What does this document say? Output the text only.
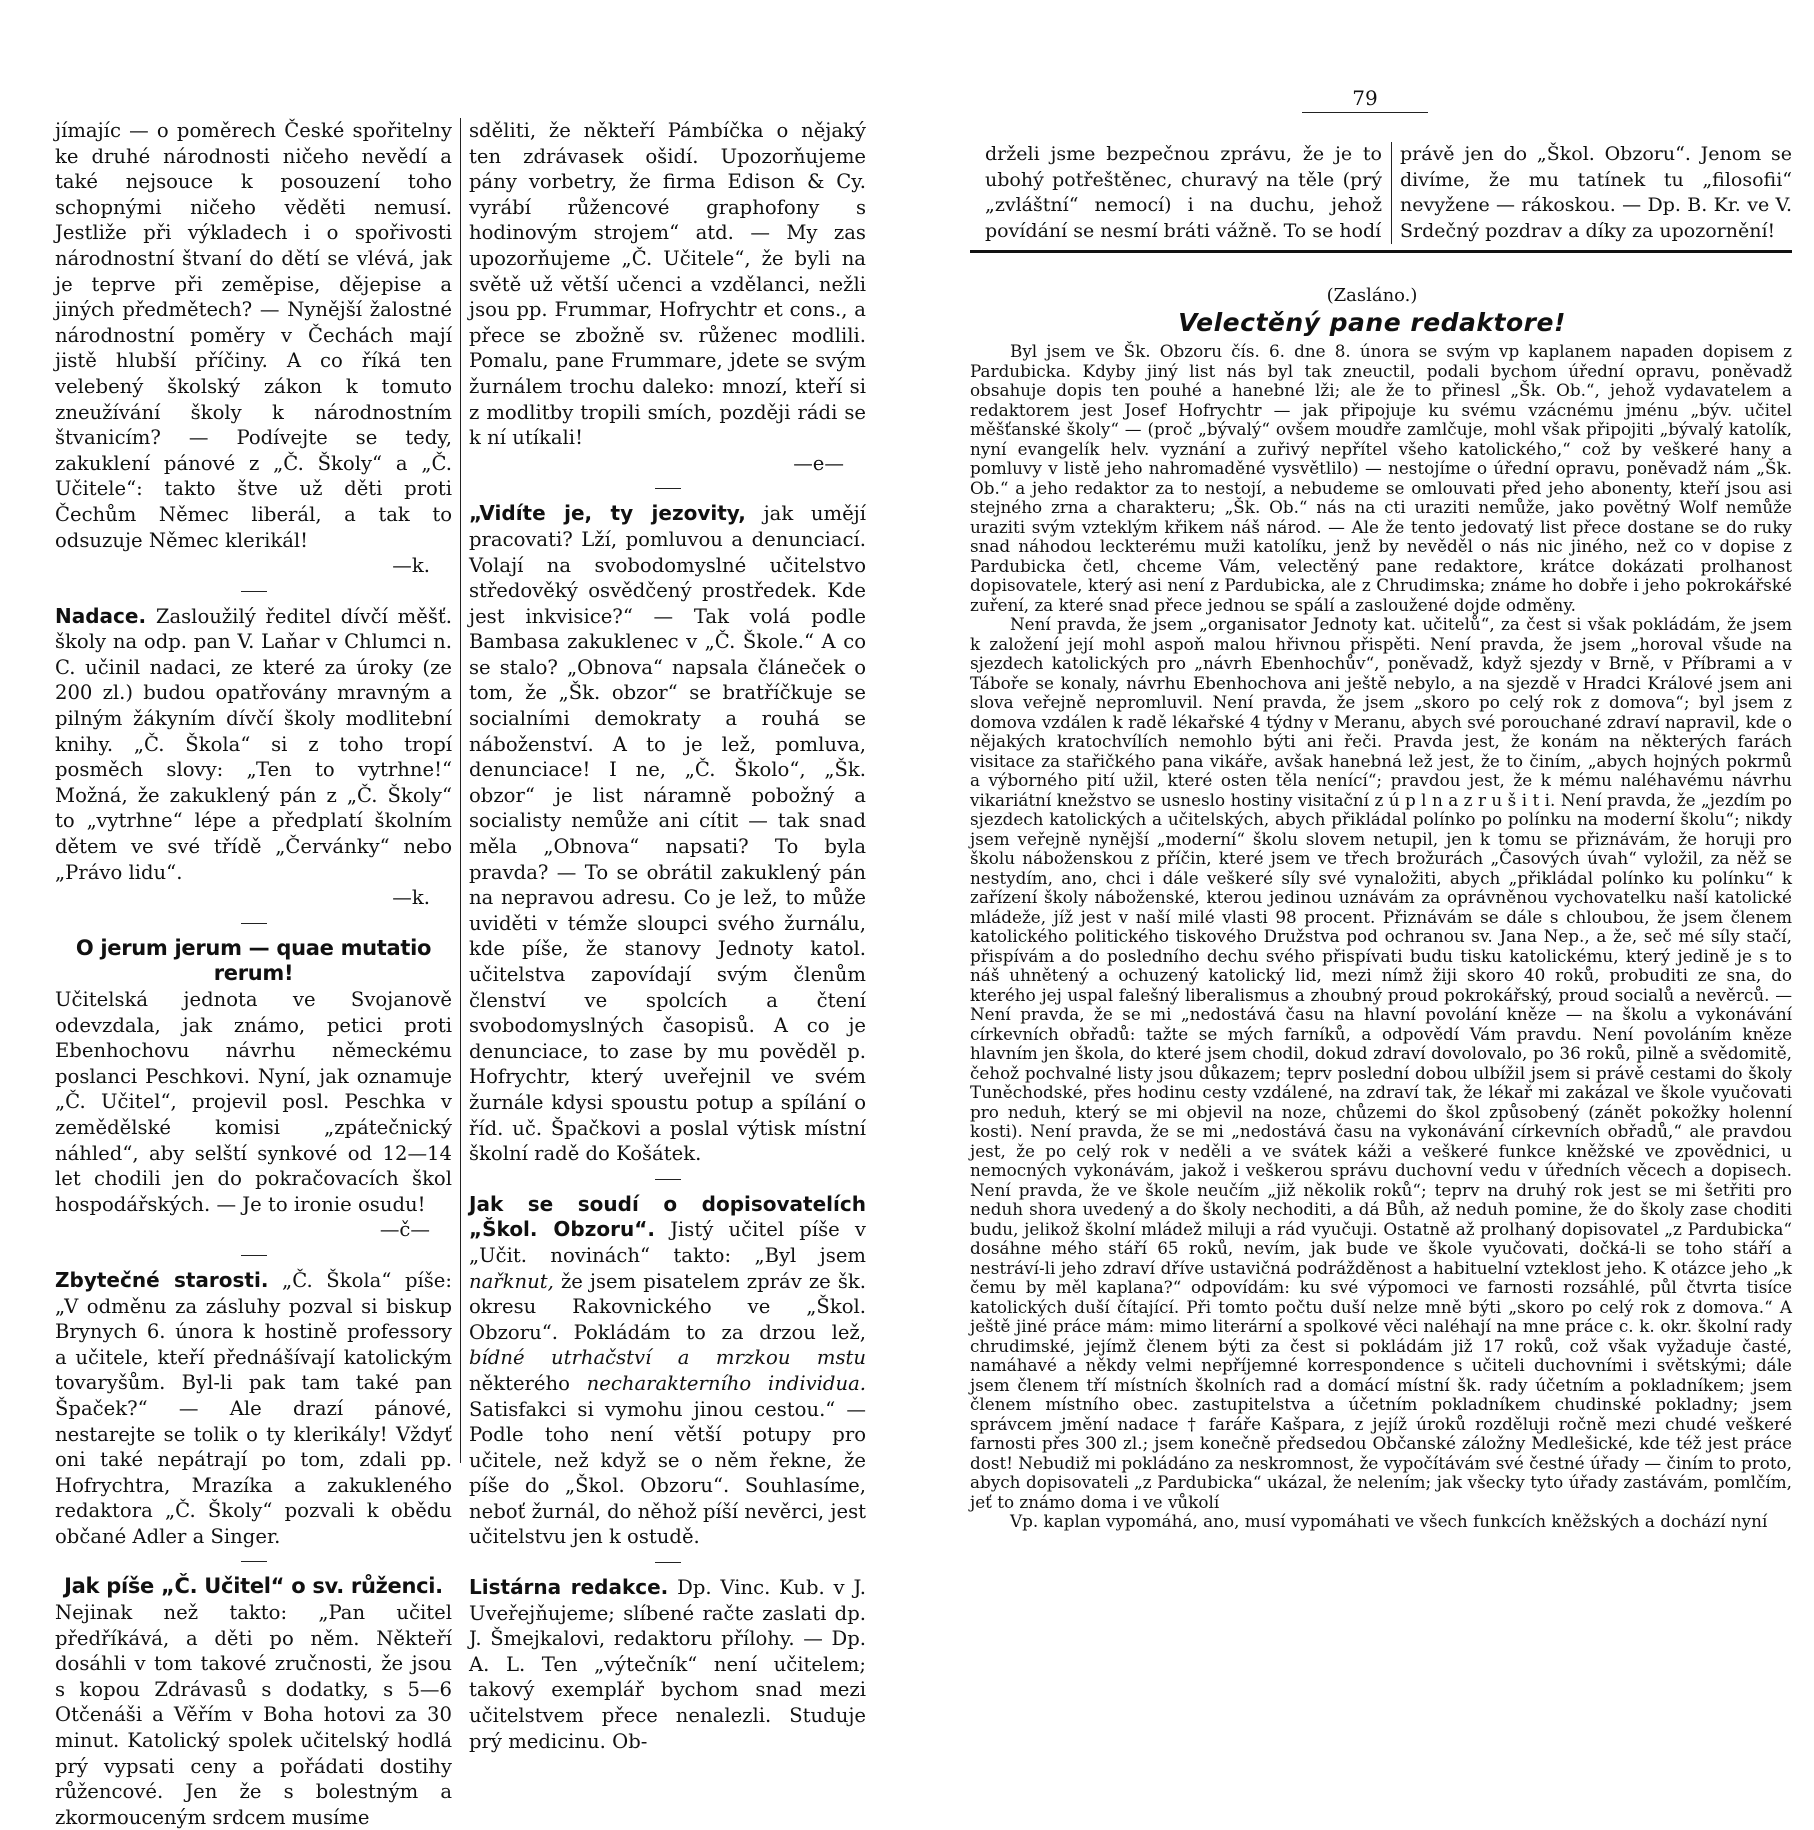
jímajíc — o poměrech České spořitelny ke druhé národnosti ničeho nevědí a také nejsouce k posouzení toho schopnými ničeho věděti nemusí. Jestliže při výkladech i o spořivosti národnostní štvaní do dětí se vlévá, jak je teprve při zeměpise, dějepise a jiných předmětech? — Nynější žalostné národnostní poměry v Čechách mají jistě hlubší příčiny. A co říká ten velebený školský zákon k tomuto zneužívání školy k národnostním štvanicím? — Podívejte se tedy, zakuklení pánové z „Č. Školy“ a „Č. Učitele“: takto štve už děti proti Čechům Němec liberál, a tak to odsuzuje Němec klerikál!
—k.

Nadace. Zasloužilý ředitel dívčí měšť. školy na odp. pan V. Laňar v Chlumci n. C. učinil nadaci, ze které za úroky (ze 200 zl.) budou opatřovány mravným a pilným žákyním dívčí školy modlitební knihy. „Č. Škola“ si z toho tropí posměch slovy: „Ten to vytrhne!“ Možná, že zakuklený pán z „Č. Školy“ to „vytrhne“ lépe a předplatí školním dětem ve své třídě „Červánky“ nebo „Právo lidu“.
—k.

O jerum jerum — quae mutatio rerum!

Učitelská jednota ve Svojanově odevzdala, jak známo, petici proti Ebenhochovu návrhu německému poslanci Peschkovi. Nyní, jak oznamuje „Č. Učitel“, projevil posl. Peschka v zemědělské komisi „zpátečnický náhled“, aby selští synkové od 12—14 let chodili jen do pokračovacích škol hospodářských. — Je to ironie osudu!
—č—

Zbytečné starosti. „Č. Škola“ píše: „V odměnu za zásluhy pozval si biskup Brynych 6. února k hostině professory a učitele, kteří přednášívají katolickým tovaryšům. Byl-li pak tam také pan Špaček?“ — Ale drazí pánové, nestarejte se tolik o ty klerikály! Vždyť oni také nepátrají po tom, zdali pp. Hofrychtra, Mrazíka a zakukleného redaktora „Č. Školy“ pozvali k obědu občané Adler a Singer.

Jak píše „Č. Učitel“ o sv. růženci.

Nejinak než takto: „Pan učitel předříkává, a děti po něm. Někteří dosáhli v tom takové zručnosti, že jsou s kopou Zdrávasů s dodatky, s 5—6 Otčenáši a Věřím v Boha hotovi za 30 minut. Katolický spolek učitelský hodlá prý vypsati ceny a pořádati dostihy růžencové. Jen že s bolestným a zkormouceným srdcem musíme

sděliti, že někteří Pámbíčka o nějaký ten zdrávasek ošidí. Upozorňujeme pány vorbetry, že firma Edison & Cy. vyrábí růžencové graphofony s hodinovým strojem“ atd. — My zas upozorňujeme „Č. Učitele“, že byli na světě už větší učenci a vzdělanci, nežli jsou pp. Frummar, Hofrychtr et cons., a přece se zbožně sv. růženec modlili. Pomalu, pane Frummare, jdete se svým žurnálem trochu daleko: mnozí, kteří si z modlitby tropili smích, později rádi se k ní utíkali!
—e—

„Vidíte je, ty jezovity, jak umějí pracovati? Lží, pomluvou a denunciací. Volají na svobodomyslné učitelstvo středověký osvědčený prostředek. Kde jest inkvisice?“ — Tak volá podle Bambasa zakuklenec v „Č. Škole.“ A co se stalo? „Obnova“ napsala článeček o tom, že „Šk. obzor“ se bratříčkuje se socialními demokraty a rouhá se náboženství. A to je lež, pomluva, denunciace! I ne, „Č. Školo“, „Šk. obzor“ je list náramně pobožný a socialisty nemůže ani cítit — tak snad měla „Obnova“ napsati? To byla pravda? — To se obrátil zakuklený pán na nepravou adresu. Co je lež, to může uviděti v témže sloupci svého žurnálu, kde píše, že stanovy Jednoty katol. učitelstva zapovídají svým členům členství ve spolcích a čtení svobodomyslných časopisů. A co je denunciace, to zase by mu pověděl p. Hofrychtr, který uveřejnil ve svém žurnále kdysi spoustu potup a spílání o říd. uč. Špačkovi a poslal výtisk místní školní radě do Košátek.

Jak se soudí o dopisovatelích „Škol. Obzoru“. Jistý učitel píše v „Učit. novinách“ takto: „Byl jsem nařknut, že jsem pisatelem zpráv ze šk. okresu Rakovnického ve „Škol. Obzoru“. Pokládám to za drzou lež, bídné utrhačství a mrzkou mstu některého necharakterního individua. Satisfakci si vymohu jinou cestou.“ — Podle toho není větší potupy pro učitele, než když se o něm řekne, že píše do „Škol. Obzoru“. Souhlasíme, neboť žurnál, do něhož píší nevěrci, jest učitelstvu jen k ostudě.

Listárna redakce. Dp. Vinc. Kub. v J. Uveřejňujeme; slíbené račte zaslati dp. J. Šmejkalovi, redaktoru přílohy. — Dp. A. L. Ten „výtečník“ není učitelem; takový exemplář bychom snad mezi učitelstvem přece nenalezli. Studuje prý medicinu. Ob-

79
drželi jsme bezpečnou zprávu, že je to ubohý potřeštěnec, churavý na těle (prý „zvláštní“ nemocí) i na duchu, jehož povídání se nesmí bráti vážně. To se hodí
právě jen do „Škol. Obzoru“. Jenom se divíme, že mu tatínek tu „filosofii“ nevyžene — rákoskou. — Dp. B. Kr. ve V. Srdečný pozdrav a díky za upozornění!
(Zasláno.)
Velectěný pane redaktore!

Byl jsem ve Šk. Obzoru čís. 6. dne 8. února se svým vp kaplanem napaden dopisem z Pardubicka. Kdyby jiný list nás byl tak zneuctil, podali bychom úřední opravu, poněvadž obsahuje dopis ten pouhé a hanebné lži; ale že to přinesl „Šk. Ob.“, jehož vydavatelem a redaktorem jest Josef Hofrychtr — jak připojuje ku svému vzácnému jménu „býv. učitel měšťanské školy“ — (proč „bývalý“ ovšem moudře zamlčuje, mohl však připojiti „bývalý katolík, nyní evangelík helv. vyznání a zuřivý nepřítel všeho katolického,“ což by veškeré hany a pomluvy v listě jeho nahromaděné vysvětlilo) — nestojíme o úřední opravu, poněvadž nám „Šk. Ob.“ a jeho redaktor za to nestojí, a nebudeme se omlouvati před jeho abonenty, kteří jsou asi stejného zrna a charakteru; „Šk. Ob.“ nás na cti uraziti nemůže, jako povětný Wolf nemůže uraziti svým vzteklým křikem náš národ. — Ale že tento jedovatý list přece dostane se do ruky snad náhodou leckterému muži katolíku, jenž by nevěděl o nás nic jiného, než co v dopise z Pardubicka četl, chceme Vám, velectěný pane redaktore, krátce dokázati prolhanost dopisovatele, který asi není z Pardubicka, ale z Chrudimska; známe ho dobře i jeho pokrokářské zuření, za které snad přece jednou se spálí a zasloužené dojde odměny.

Není pravda, že jsem „organisator Jednoty kat. učitelů“, za čest si však pokládám, že jsem k založení její mohl aspoň malou hřivnou přispěti. Není pravda, že jsem „horoval všude na sjezdech katolických pro „návrh Ebenhochův“, poněvadž, když sjezdy v Brně, v Příbrami a v Táboře se konaly, návrhu Ebenhochova ani ještě nebylo, a na sjezdě v Hradci Králové jsem ani slova veřejně nepromluvil. Není pravda, že jsem „skoro po celý rok z domova“; byl jsem z domova vzdálen k radě lékařské 4 týdny v Meranu, abych své porouchané zdraví napravil, kde o nějakých kratochvílích nemohlo býti ani řeči. Pravda jest, že konám na některých farách visitace za stařičkého pana vikáře, avšak hanebná lež jest, že to činím, „abych hojných pokrmů a výborného pití užil, které osten těla nenící“; pravdou jest, že k mému naléhavému návrhu vikariátní knežstvo se usneslo hostiny visitační z ú p l n a z r u š i t i. Není pravda, že „jezdím po sjezdech katolických a učitelských, abych přikládal polínko po polínku na moderní školu“; nikdy jsem veřejně nynější „moderní“ školu slovem netupil, jen k tomu se přiznávám, že horuji pro školu náboženskou z příčin, které jsem ve třech brožurách „Časových úvah“ vyložil, za něž se nestydím, ano, chci i dále veškeré síly své vynaložiti, abych „přikládal polínko ku polínku“ k zařízení školy náboženské, kterou jedinou uznávám za oprávněnou vychovatelku naší katolické mládeže, jíž jest v naší milé vlasti 98 procent. Přiznávám se dále s chloubou, že jsem členem katolického politického tiskového Družstva pod ochranou sv. Jana Nep., a že, seč mé síly stačí, přispívám a do posledního dechu svého přispívati budu tisku katolickému, který jedině je s to náš uhnětený a ochuzený katolický lid, mezi nímž žiji skoro 40 roků, probuditi ze sna, do kterého jej uspal falešný liberalismus a zhoubný proud pokrokářský, proud socialů a nevěrců. — Není pravda, že se mi „nedostává času na hlavní povolání kněze — na školu a vykonávání církevních obřadů: tažte se mých farníků, a odpovědí Vám pravdu. Není povoláním kněze hlavním jen škola, do které jsem chodil, dokud zdraví dovolovalo, po 36 roků, pilně a svědomitě, čehož pochvalné listy jsou důkazem; teprv poslední dobou ulbížil jsem si právě cestami do školy Tuněchodské, přes hodinu cesty vzdálené, na zdraví tak, že lékař mi zakázal ve škole vyučovati pro neduh, který se mi objevil na noze, chůzemi do škol způsobený (zánět pokožky holenní kosti). Není pravda, že se mi „nedostává času na vykonávání církevních obřadů,“ ale pravdou jest, že po celý rok v neděli a ve svátek káži a veškeré funkce kněžské ve zpovědnici, u nemocných vykonávám, jakož i veškerou správu duchovní vedu v úředních věcech a dopisech. Není pravda, že ve škole neučím „již několik roků“; teprv na druhý rok jest se mi šetřiti pro neduh shora uvedený a do školy nechoditi, a dá Bůh, až neduh pomine, že do školy zase choditi budu, jelikož školní mládež miluji a rád vyučuji. Ostatně až prolhaný dopisovatel „z Pardubicka“ dosáhne mého stáří 65 roků, nevím, jak bude ve škole vyučovati, dočká-li se toho stáří a nestráví-li jeho zdraví dříve ustavičná podrážděnost a habituelní vzteklost jeho. K otázce jeho „k čemu by měl kaplana?“ odpovídám: ku své výpomoci ve farnosti rozsáhlé, půl čtvrta tisíce katolických duší čítající. Při tomto počtu duší nelze mně býti „skoro po celý rok z domova.“ A ještě jiné práce mám: mimo literární a spolkové věci naléhají na mne práce c. k. okr. školní rady chrudimské, jejímž členem býti za čest si pokládám již 17 roků, což však vyžaduje časté, namáhavé a někdy velmi nepříjemné korrespondence s učiteli duchovními i světskými; dále jsem členem tří místních školních rad a domácí místní šk. rady účetním a pokladníkem; jsem členem místního obec. zastupitelstva a účetním pokladníkem chudinské pokladny; jsem správcem jmění nadace † faráře Kašpara, z jejíž úroků rozděluji ročně mezi chudé veškeré farnosti přes 300 zl.; jsem konečně předsedou Občanské záložny Medlešické, kde též jest práce dost! Nebudiž mi pokládáno za neskromnost, že vypočítávám své čestné úřady — činím to proto, abych dopisovateli „z Pardubicka“ ukázal, že nelením; jak všecky tyto úřady zastávám, pomlčím, jeť to známo doma i ve vůkolí

Vp. kaplan vypomáhá, ano, musí vypomáhati ve všech funkcích kněžských a dochází nyní
